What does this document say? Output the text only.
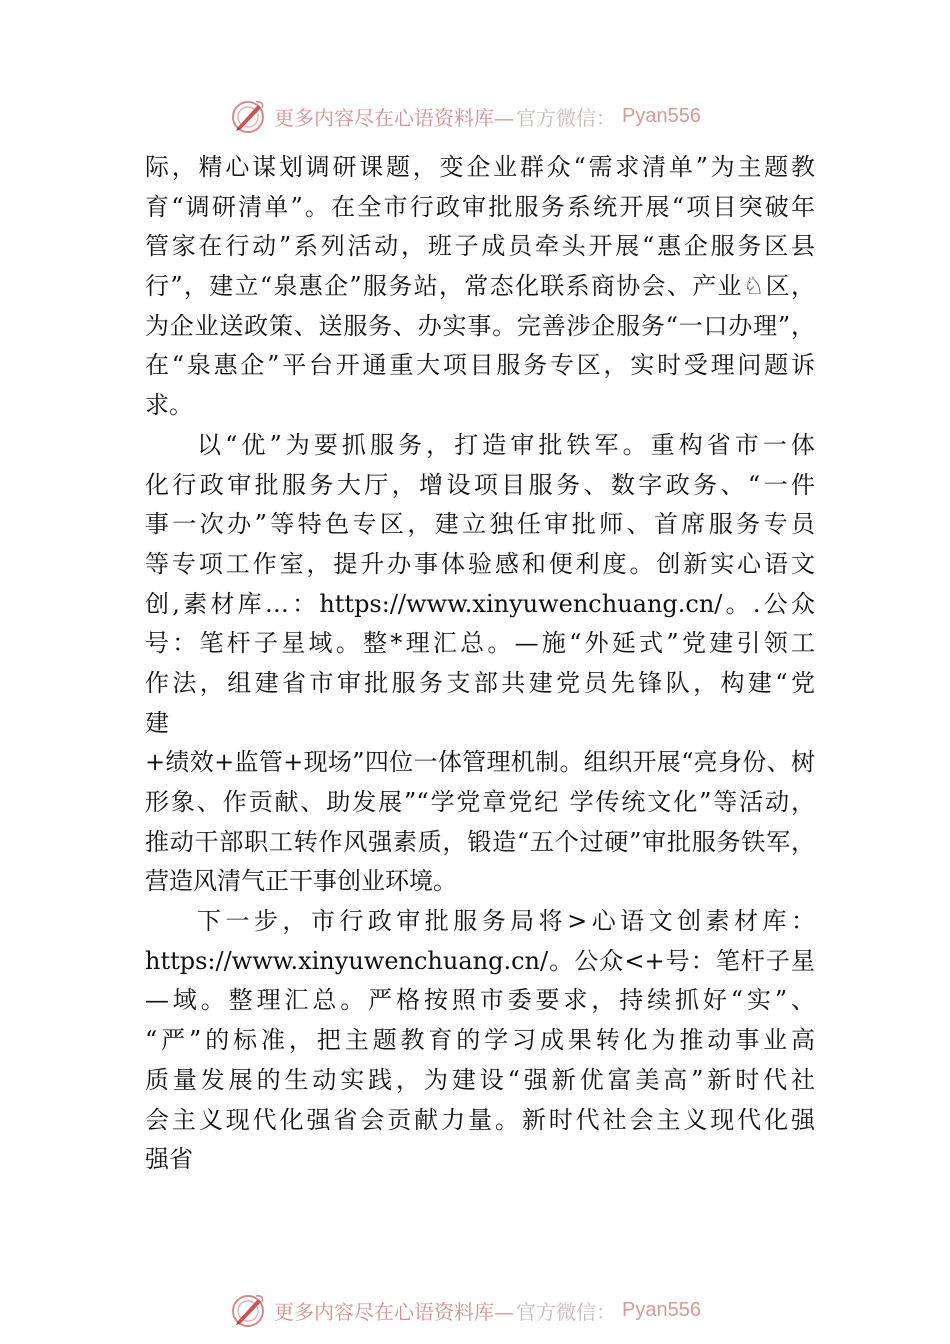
更多内容尽在心语资料库— 官方微信： Pyan556
际，精心谋划调研课题，变企业群众“需求清单”为主题教
育“调研清单”。在全市行政审批服务系统开展“项目突破年
管家在行动”系列活动，班子成员牵头开展“惠企服务区县
行”，建立“泉惠企”服务站，常态化联系商协会、产业♘区，
为企业送政策、送服务、办实事。完善涉企服务“一口办理”，
在“泉惠企”平台开通重大项目服务专区，实时受理问题诉
求。
以“优”为要抓服务，打造审批铁军。重构省市一体
化行政审批服务大厅，增设项目服务、数字政务、“一件
事一次办”等特色专区，建立独任审批师、首席服务专员
等专项工作室，提升办事体验感和便利度。创新实心语文
创,素材库…：https://www.xinyuwenchuang.cn/。.公众
号：笔杆子星域。整*理汇总。—施“外延式”党建引领工
作法，组建省市审批服务支部共建党员先锋队，构建“党
建
+绩效+监管+现场”四位一体管理机制。组织开展“亮身份、树
形象、作贡献、助发展”“学党章党纪 学传统文化”等活动，
推动干部职工转作风强素质，锻造“五个过硬”审批服务铁军，
营造风清气正干事创业环境。
下一步，市行政审批服务局将>心语文创素材库：
https://www.xinyuwenchuang.cn/。公众<+号：笔杆子星
—域。整理汇总。严格按照市委要求，持续抓好“实”、
“严”的标准，把主题教育的学习成果转化为推动事业高
质量发展的生动实践，为建设“强新优富美高”新时代社
会主义现代化强省会贡献力量。新时代社会主义现代化强
强省
更多内容尽在心语资料库— 官方微信： Pyan556
